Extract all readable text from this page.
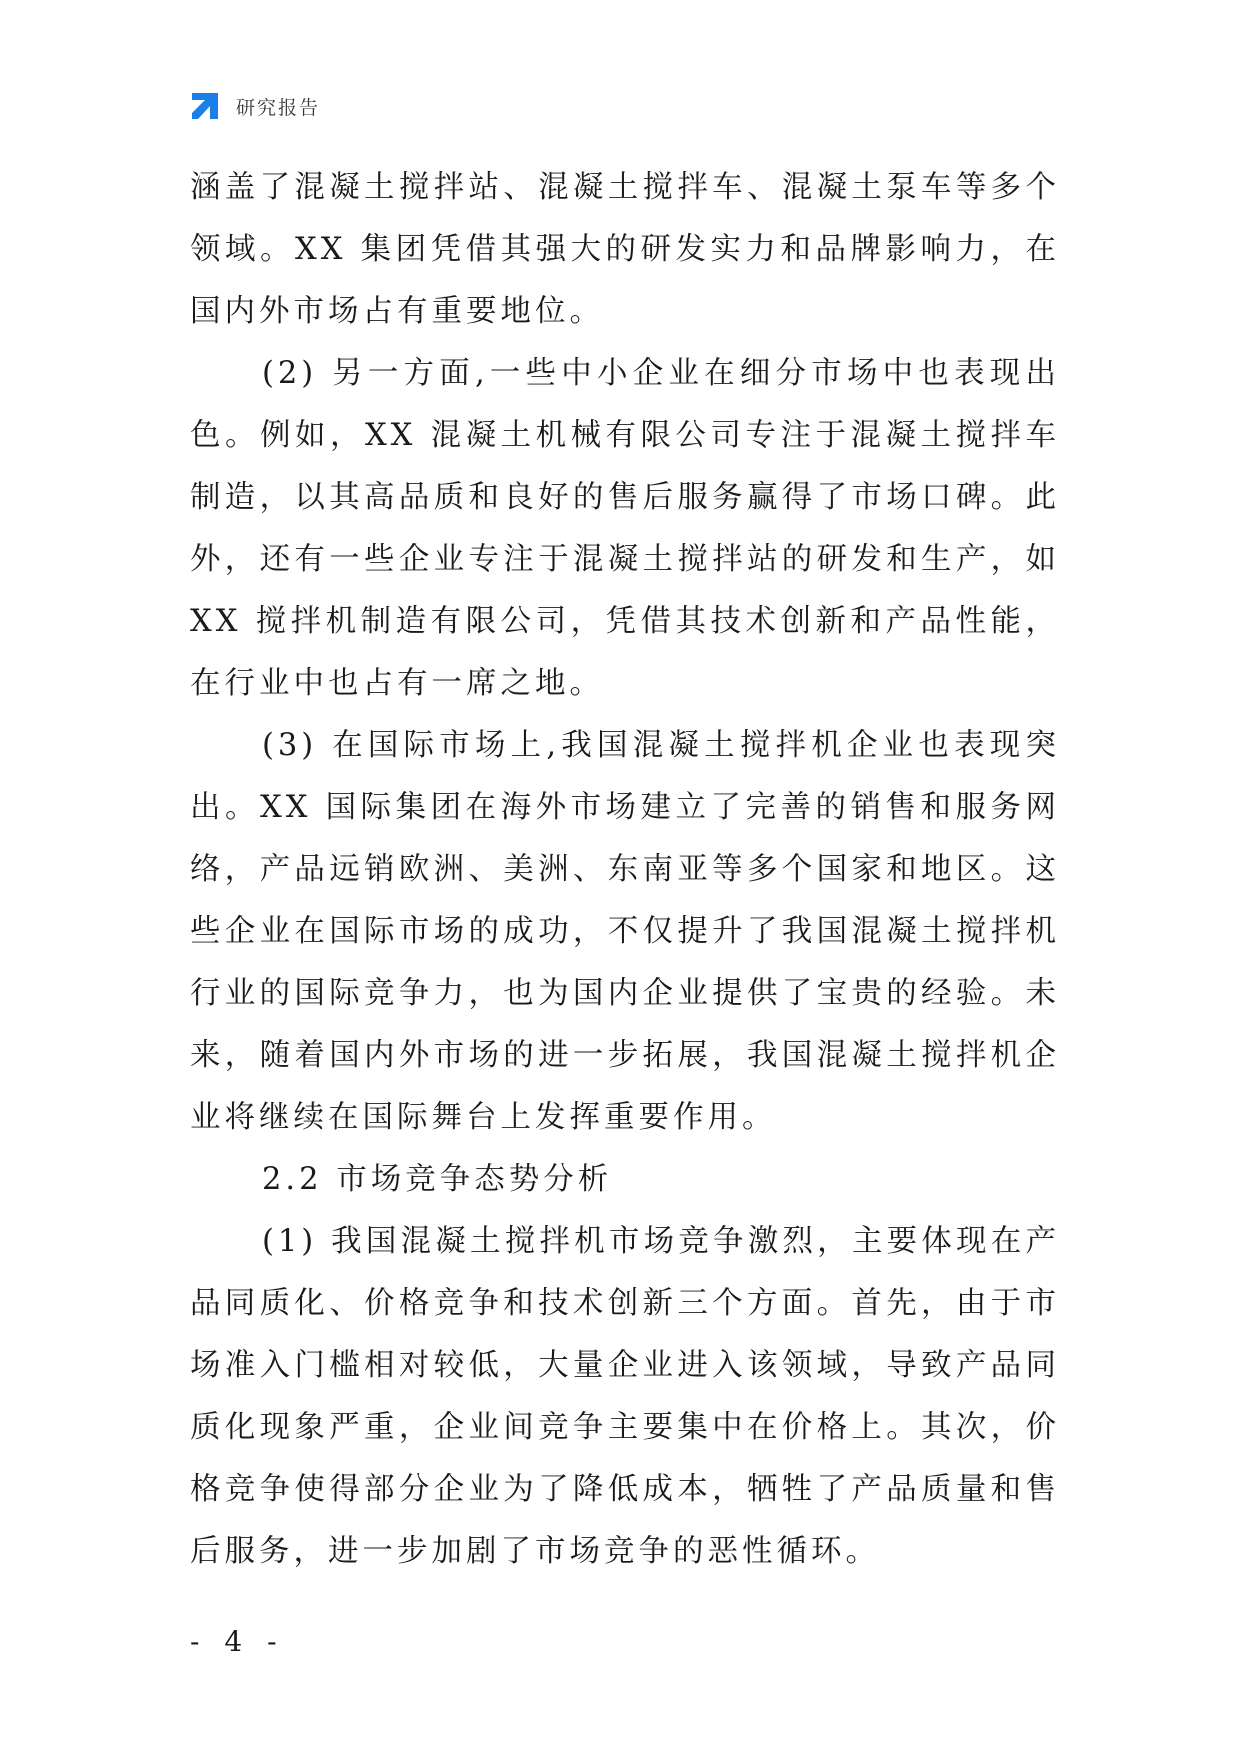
研究报告

涵盖了混凝土搅拌站、混凝土搅拌车、混凝土泵车等多个领域。XX 集团凭借其强大的研发实力和品牌影响力，在国内外市场占有重要地位。

(2) 另一方面,一些中小企业在细分市场中也表现出色。例如，XX 混凝土机械有限公司专注于混凝土搅拌车制造，以其高品质和良好的售后服务赢得了市场口碑。此外，还有一些企业专注于混凝土搅拌站的研发和生产，如 XX 搅拌机制造有限公司，凭借其技术创新和产品性能，在行业中也占有一席之地。

(3) 在国际市场上,我国混凝土搅拌机企业也表现突出。XX 国际集团在海外市场建立了完善的销售和服务网络，产品远销欧洲、美洲、东南亚等多个国家和地区。这些企业在国际市场的成功，不仅提升了我国混凝土搅拌机行业的国际竞争力，也为国内企业提供了宝贵的经验。未来，随着国内外市场的进一步拓展，我国混凝土搅拌机企业将继续在国际舞台上发挥重要作用。

2.2 市场竞争态势分析

(1) 我国混凝土搅拌机市场竞争激烈，主要体现在产品同质化、价格竞争和技术创新三个方面。首先，由于市场准入门槛相对较低，大量企业进入该领域，导致产品同质化现象严重，企业间竞争主要集中在价格上。其次，价格竞争使得部分企业为了降低成本，牺牲了产品质量和售后服务，进一步加剧了市场竞争的恶性循环。

- 4 -
